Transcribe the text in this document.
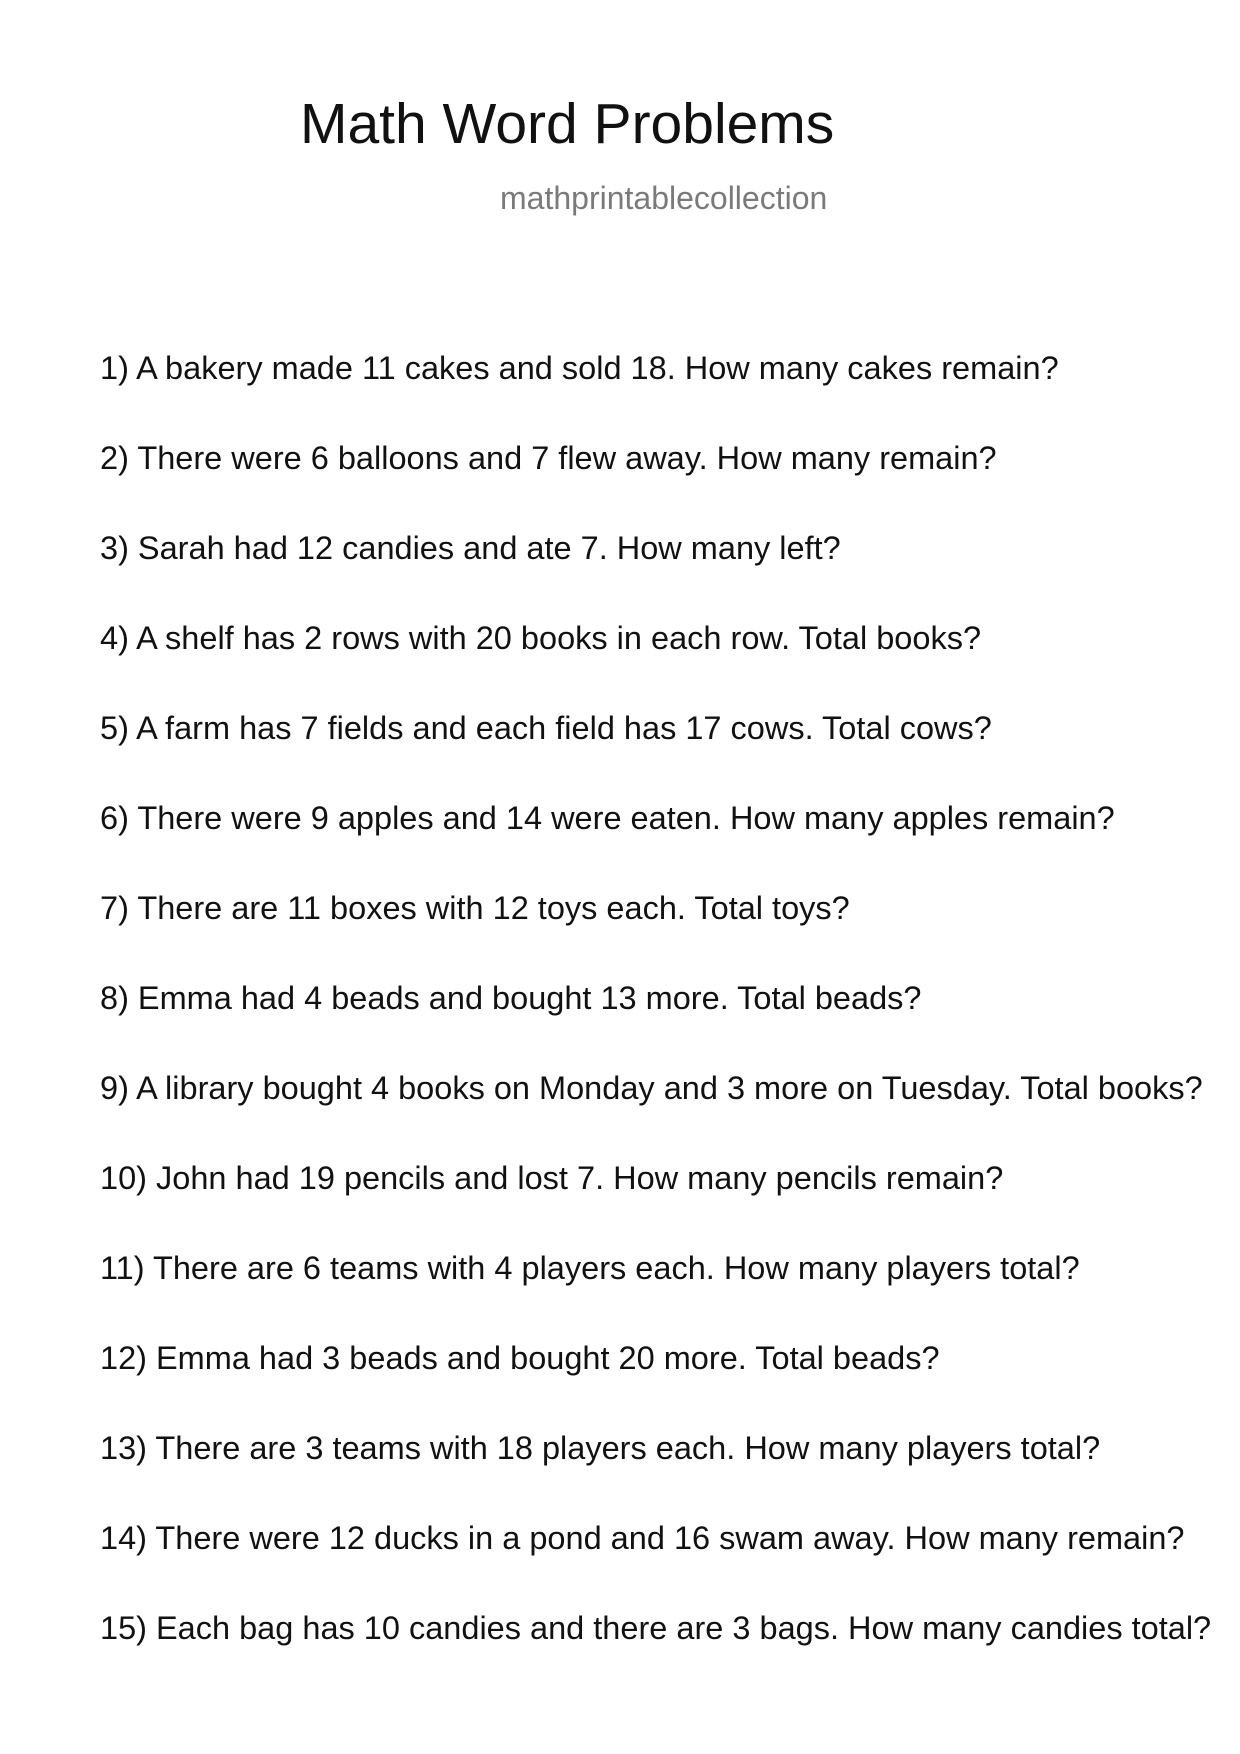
Math Word Problems
mathprintablecollection
1) A bakery made 11 cakes and sold 18. How many cakes remain?
2) There were 6 balloons and 7 flew away. How many remain?
3) Sarah had 12 candies and ate 7. How many left?
4) A shelf has 2 rows with 20 books in each row. Total books?
5) A farm has 7 fields and each field has 17 cows. Total cows?
6) There were 9 apples and 14 were eaten. How many apples remain?
7) There are 11 boxes with 12 toys each. Total toys?
8) Emma had 4 beads and bought 13 more. Total beads?
9) A library bought 4 books on Monday and 3 more on Tuesday. Total books?
10) John had 19 pencils and lost 7. How many pencils remain?
11) There are 6 teams with 4 players each. How many players total?
12) Emma had 3 beads and bought 20 more. Total beads?
13) There are 3 teams with 18 players each. How many players total?
14) There were 12 ducks in a pond and 16 swam away. How many remain?
15) Each bag has 10 candies and there are 3 bags. How many candies total?
